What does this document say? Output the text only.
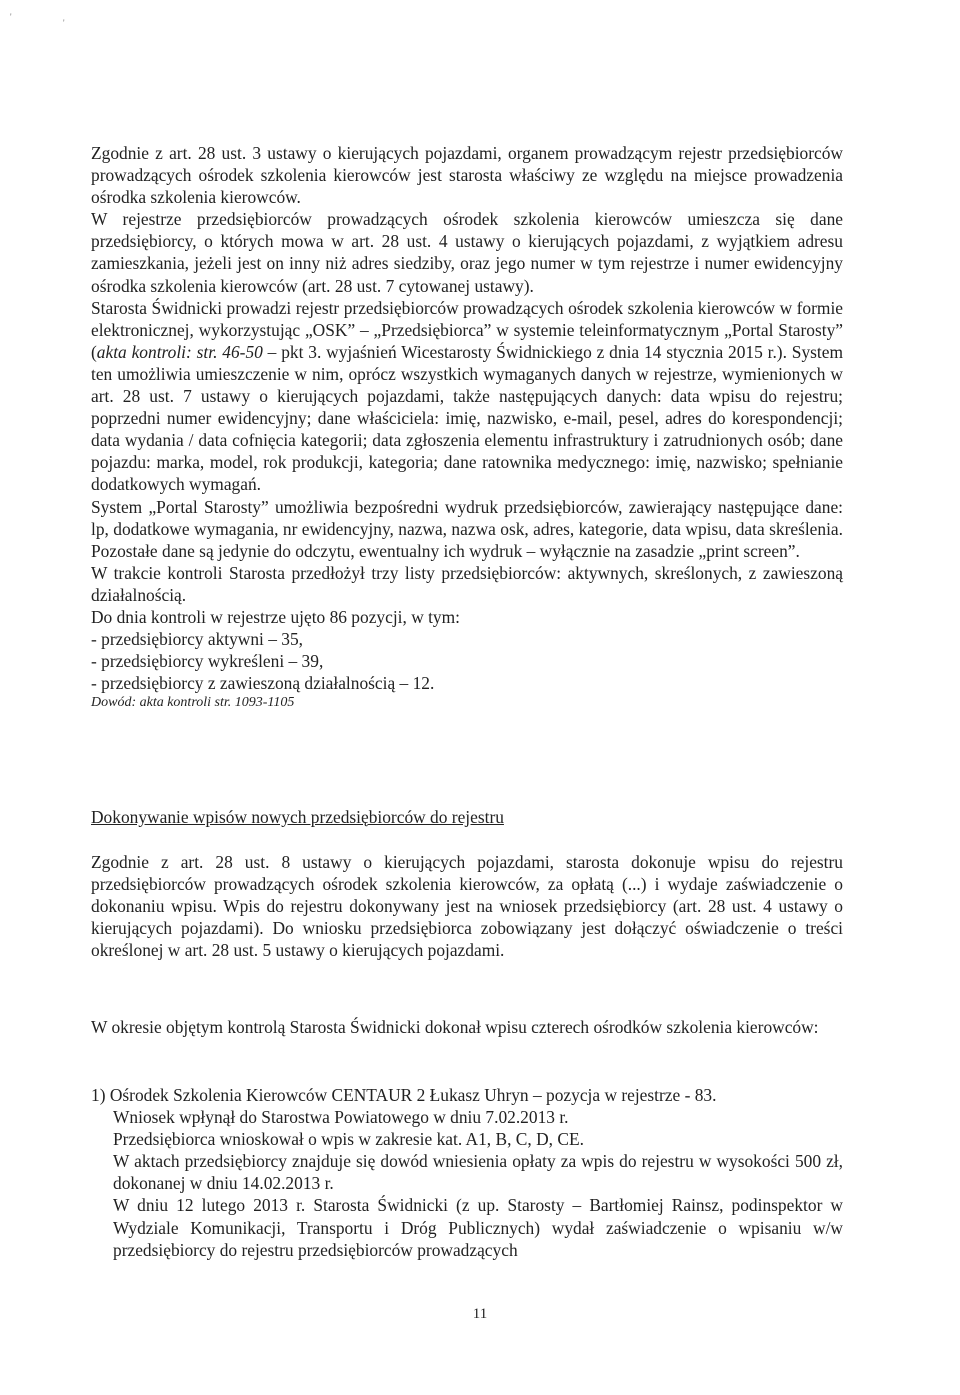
'
'

Zgodnie z art. 28 ust. 3 ustawy o kierujących pojazdami, organem prowadzącym rejestr przedsiębiorców prowadzących ośrodek szkolenia kierowców jest starosta właściwy ze względu na miejsce prowadzenia ośrodka szkolenia kierowców.

W rejestrze przedsiębiorców prowadzących ośrodek szkolenia kierowców umieszcza się dane przedsiębiorcy, o których mowa w art. 28 ust. 4 ustawy o kierujących pojazdami, z wyjątkiem adresu zamieszkania, jeżeli jest on inny niż adres siedziby, oraz jego numer w tym rejestrze i numer ewidencyjny ośrodka szkolenia kierowców (art. 28 ust. 7 cytowanej ustawy).

Starosta Świdnicki prowadzi rejestr przedsiębiorców prowadzących ośrodek szkolenia kierowców w formie elektronicznej, wykorzystując „OSK” – „Przedsiębiorca” w systemie teleinformatycznym „Portal Starosty” (akta kontroli: str. 46-50 – pkt 3. wyjaśnień Wicestarosty Świdnickiego z dnia 14 stycznia 2015 r.). System ten umożliwia umieszczenie w nim, oprócz wszystkich wymaganych danych w rejestrze, wymienionych w art. 28 ust. 7 ustawy o kierujących pojazdami, także następujących danych: data wpisu do rejestru; poprzedni numer ewidencyjny; dane właściciela: imię, nazwisko, e-mail, pesel, adres do korespondencji; data wydania / data cofnięcia kategorii; data zgłoszenia elementu infrastruktury i zatrudnionych osób; dane pojazdu: marka, model, rok produkcji, kategoria; dane ratownika medycznego: imię, nazwisko; spełnianie dodatkowych wymagań.

System „Portal Starosty” umożliwia bezpośredni wydruk przedsiębiorców, zawierający następujące dane: lp, dodatkowe wymagania, nr ewidencyjny, nazwa, nazwa osk, adres, kategorie, data wpisu, data skreślenia. Pozostałe dane są jedynie do odczytu, ewentualny ich wydruk – wyłącznie na zasadzie „print screen”.

W trakcie kontroli Starosta przedłożył trzy listy przedsiębiorców: aktywnych, skreślonych, z zawieszoną działalnością.

Do dnia kontroli w rejestrze ujęto 86 pozycji, w tym:

- przedsiębiorcy aktywni – 35,

- przedsiębiorcy wykreśleni – 39,

- przedsiębiorcy z zawieszoną działalnością – 12.

Dowód: akta kontroli str. 1093-1105

Dokonywanie wpisów nowych przedsiębiorców do rejestru

Zgodnie z art. 28 ust. 8 ustawy o kierujących pojazdami, starosta dokonuje wpisu do rejestru przedsiębiorców prowadzących ośrodek szkolenia kierowców, za opłatą (...) i wydaje zaświadczenie o dokonaniu wpisu. Wpis do rejestru dokonywany jest na wniosek przedsiębiorcy (art. 28 ust. 4 ustawy o kierujących pojazdami). Do wniosku przedsiębiorca zobowiązany jest dołączyć oświadczenie o treści określonej w art. 28 ust. 5 ustawy o kierujących pojazdami.

W okresie objętym kontrolą Starosta Świdnicki dokonał wpisu czterech ośrodków szkolenia kierowców:

1) Ośrodek Szkolenia Kierowców CENTAUR 2 Łukasz Uhryn – pozycja w rejestrze - 83.

Wniosek wpłynął do Starostwa Powiatowego w dniu 7.02.2013 r.

Przedsiębiorca wnioskował o wpis w zakresie kat. A1, B, C, D, CE.

W aktach przedsiębiorcy znajduje się dowód wniesienia opłaty za wpis do rejestru w wysokości 500 zł, dokonanej w dniu 14.02.2013 r.

W dniu 12 lutego 2013 r. Starosta Świdnicki (z up. Starosty – Bartłomiej Rainsz, podinspektor w Wydziale Komunikacji, Transportu i Dróg Publicznych) wydał zaświadczenie o wpisaniu w/w przedsiębiorcy do rejestru przedsiębiorców prowadzących

11
